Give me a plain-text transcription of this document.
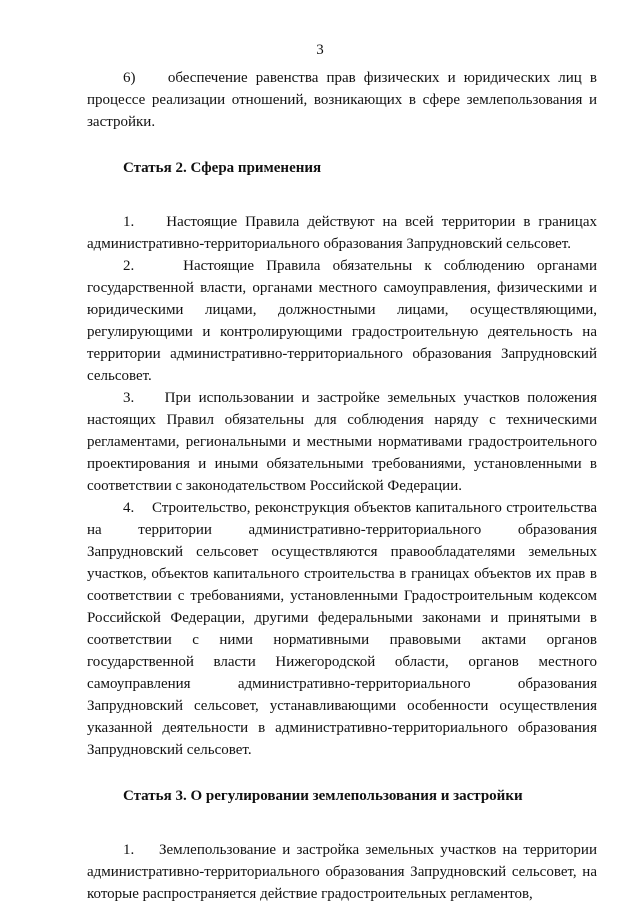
3

6)    обеспечение равенства прав физических и юридических лиц в процессе реализации отношений, возникающих в сфере землепользования и застройки.

Статья 2. Сфера применения

1.    Настоящие Правила действуют на всей территории в границах административно-территориального образования Запрудновский сельсовет.

2.    Настоящие Правила обязательны к соблюдению органами государственной власти, органами местного самоуправления, физическими и юридическими лицами, должностными лицами, осуществляющими, регулирующими и контролирующими градостроительную деятельность на территории административно-территориального образования Запрудновский сельсовет.

3.    При использовании и застройке земельных участков положения настоящих Правил обязательны для соблюдения наряду с техническими регламентами, региональными и местными нормативами градостроительного проектирования и иными обязательными требованиями, установленными в соответствии с законодательством Российской Федерации.

4.    Строительство, реконструкция объектов капитального строительства на территории административно-территориального образования Запрудновский сельсовет осуществляются правообладателями земельных участков, объектов капитального строительства в границах объектов их прав в соответствии с требованиями, установленными Градостроительным кодексом Российской Федерации, другими федеральными законами и принятыми в соответствии с ними нормативными правовыми актами органов государственной власти Нижегородской области, органов местного самоуправления административно-территориального образования Запрудновский сельсовет, устанавливающими особенности осуществления указанной деятельности в административно-территориального образования Запрудновский сельсовет.

Статья 3. О регулировании землепользования и застройки

1.    Землепользование и застройка земельных участков на территории административно-территориального образования Запрудновский сельсовет, на которые распространяется действие градостроительных регламентов,
